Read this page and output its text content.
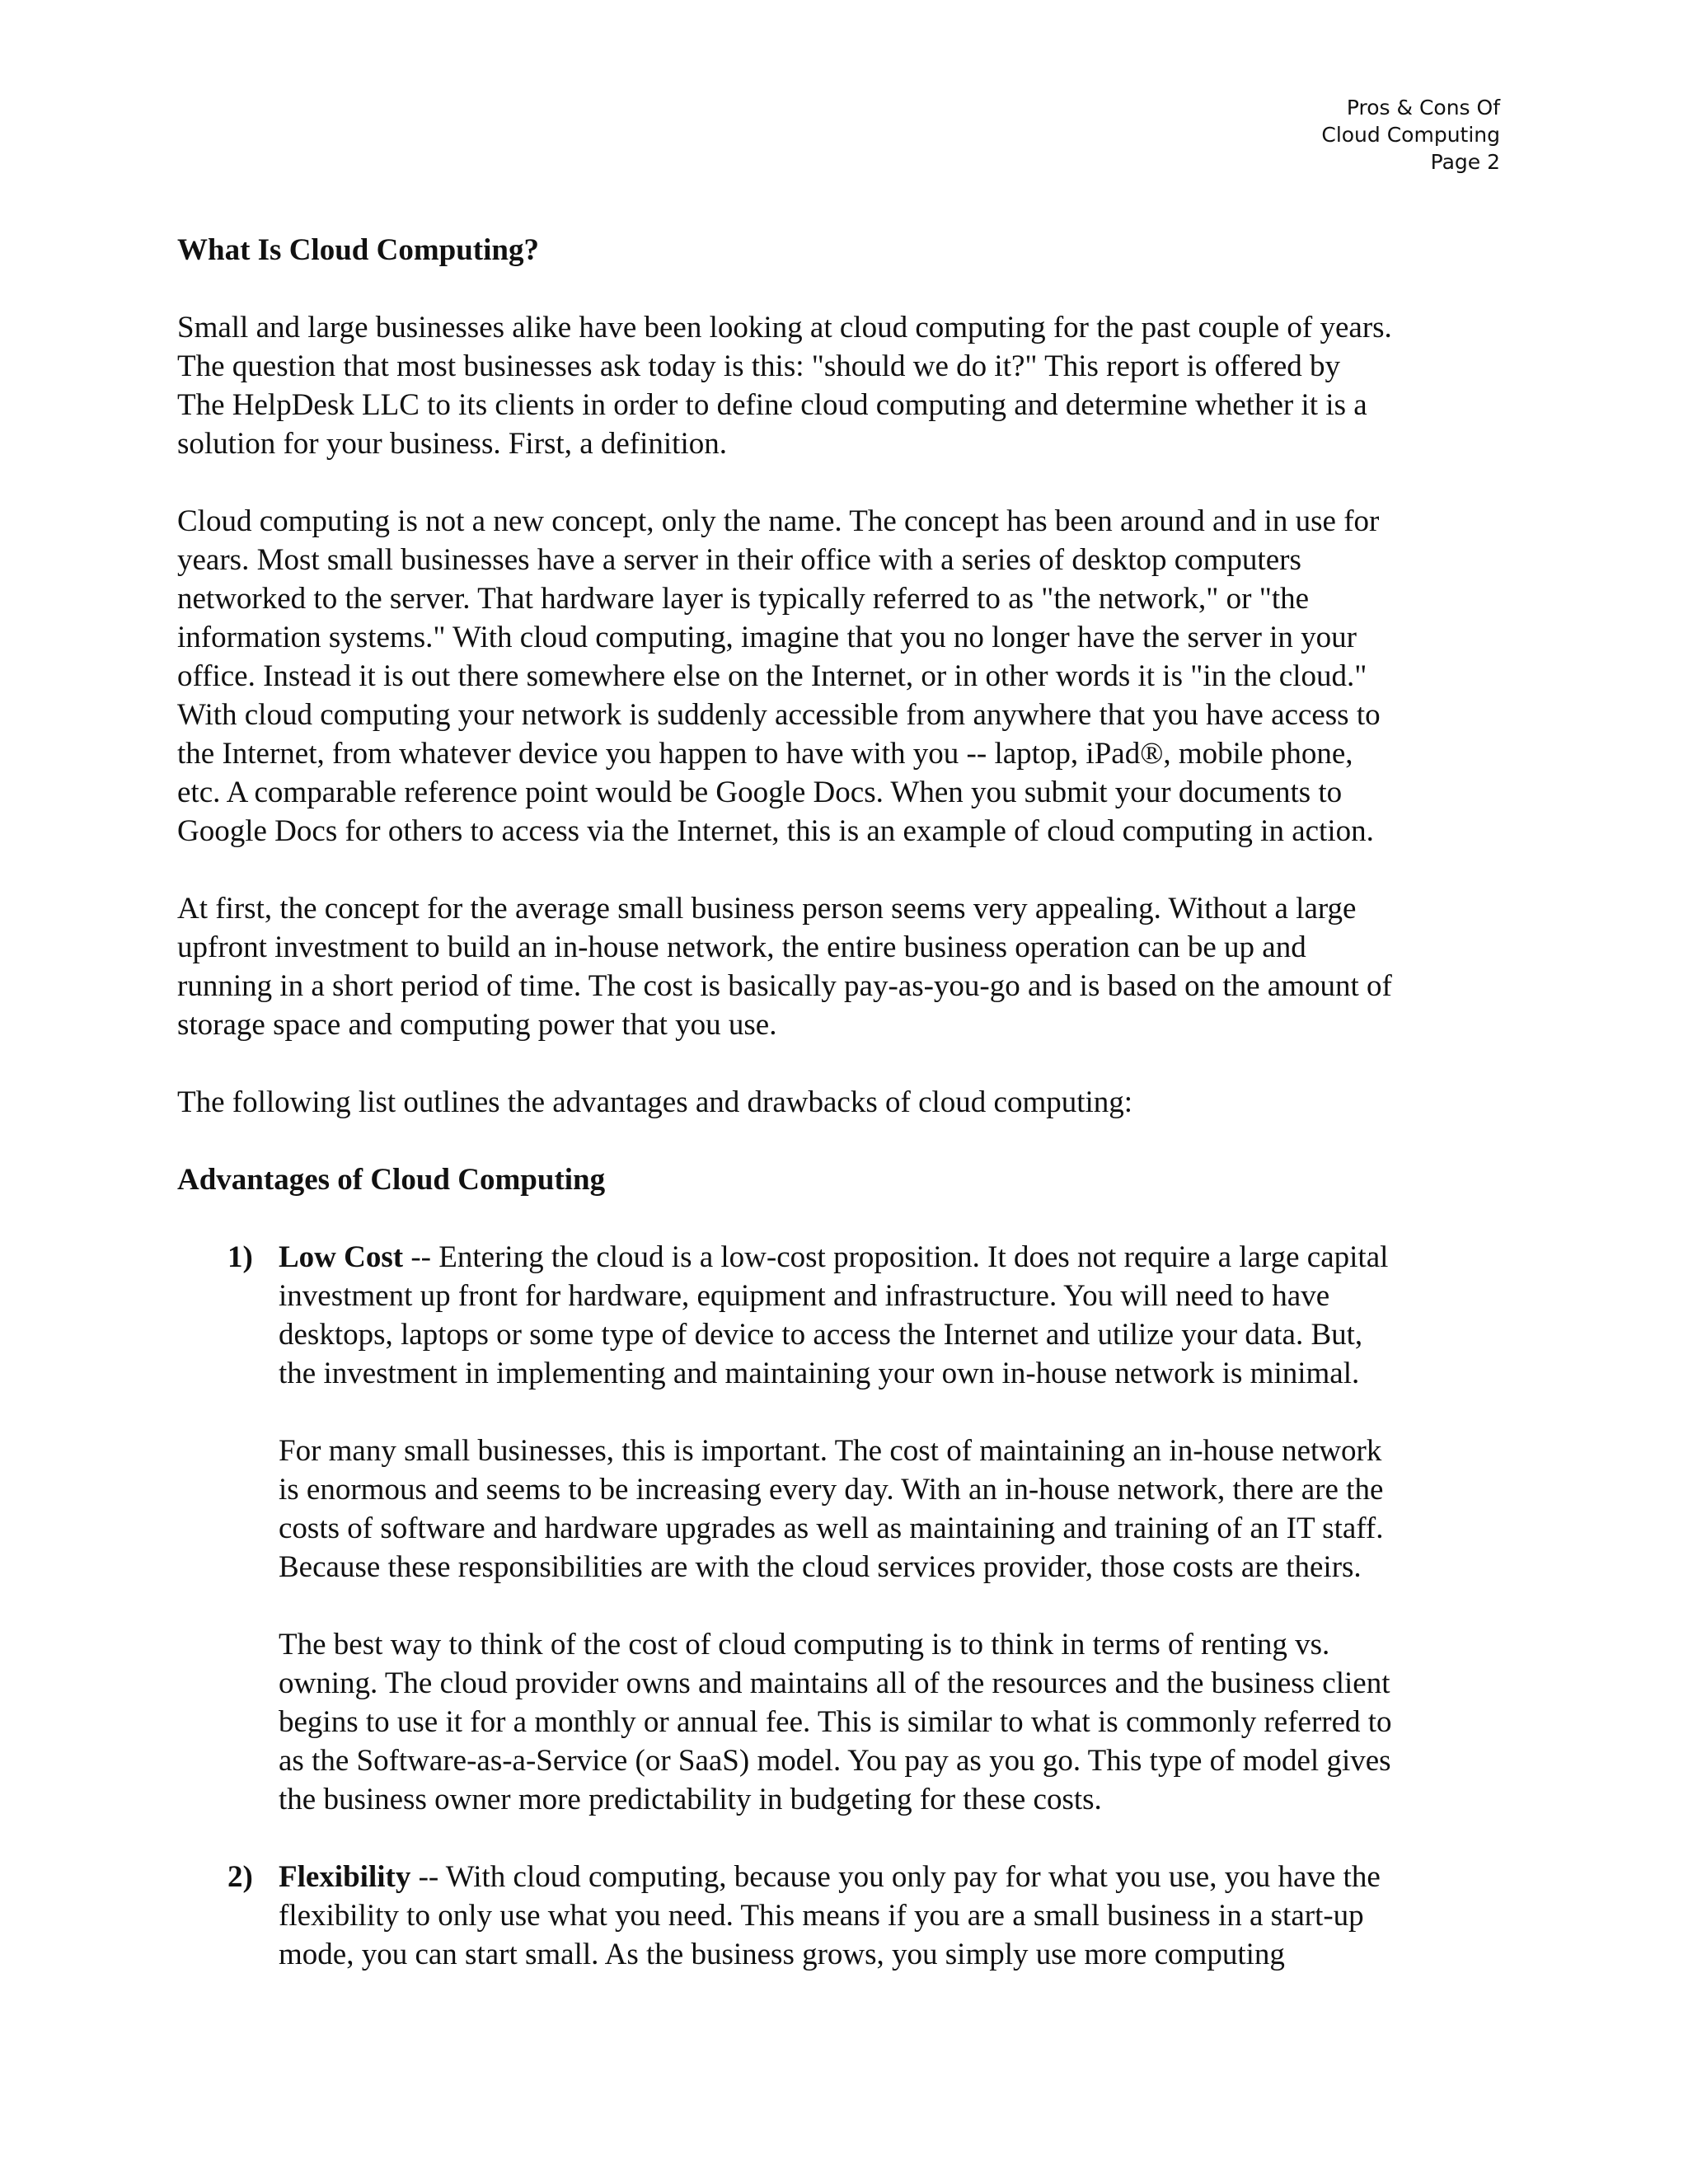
Pros & Cons Of
Cloud Computing
Page 2
What Is Cloud Computing?

Small and large businesses alike have been looking at cloud computing for the past couple of years.
The question that most businesses ask today is this: "should we do it?" This report is offered by
The HelpDesk LLC to its clients in order to define cloud computing and determine whether it is a
solution for your business. First, a definition.

Cloud computing is not a new concept, only the name. The concept has been around and in use for
years. Most small businesses have a server in their office with a series of desktop computers
networked to the server. That hardware layer is typically referred to as "the network," or "the
information systems." With cloud computing, imagine that you no longer have the server in your
office. Instead it is out there somewhere else on the Internet, or in other words it is "in the cloud."
With cloud computing your network is suddenly accessible from anywhere that you have access to
the Internet, from whatever device you happen to have with you -- laptop, iPad®, mobile phone,
etc. A comparable reference point would be Google Docs. When you submit your documents to
Google Docs for others to access via the Internet, this is an example of cloud computing in action.

At first, the concept for the average small business person seems very appealing. Without a large
upfront investment to build an in-house network, the entire business operation can be up and
running in a short period of time. The cost is basically pay-as-you-go and is based on the amount of
storage space and computing power that you use.

The following list outlines the advantages and drawbacks of cloud computing:

Advantages of Cloud Computing
1) Low Cost -- Entering the cloud is a low-cost proposition. It does not require a large capital
investment up front for hardware, equipment and infrastructure. You will need to have
desktops, laptops or some type of device to access the Internet and utilize your data. But,
the investment in implementing and maintaining your own in-house network is minimal.

For many small businesses, this is important. The cost of maintaining an in-house network
is enormous and seems to be increasing every day. With an in-house network, there are the
costs of software and hardware upgrades as well as maintaining and training of an IT staff.
Because these responsibilities are with the cloud services provider, those costs are theirs.

The best way to think of the cost of cloud computing is to think in terms of renting vs.
owning. The cloud provider owns and maintains all of the resources and the business client
begins to use it for a monthly or annual fee. This is similar to what is commonly referred to
as the Software-as-a-Service (or SaaS) model. You pay as you go. This type of model gives
the business owner more predictability in budgeting for these costs.

2) Flexibility -- With cloud computing, because you only pay for what you use, you have the
flexibility to only use what you need. This means if you are a small business in a start-up
mode, you can start small. As the business grows, you simply use more computing
